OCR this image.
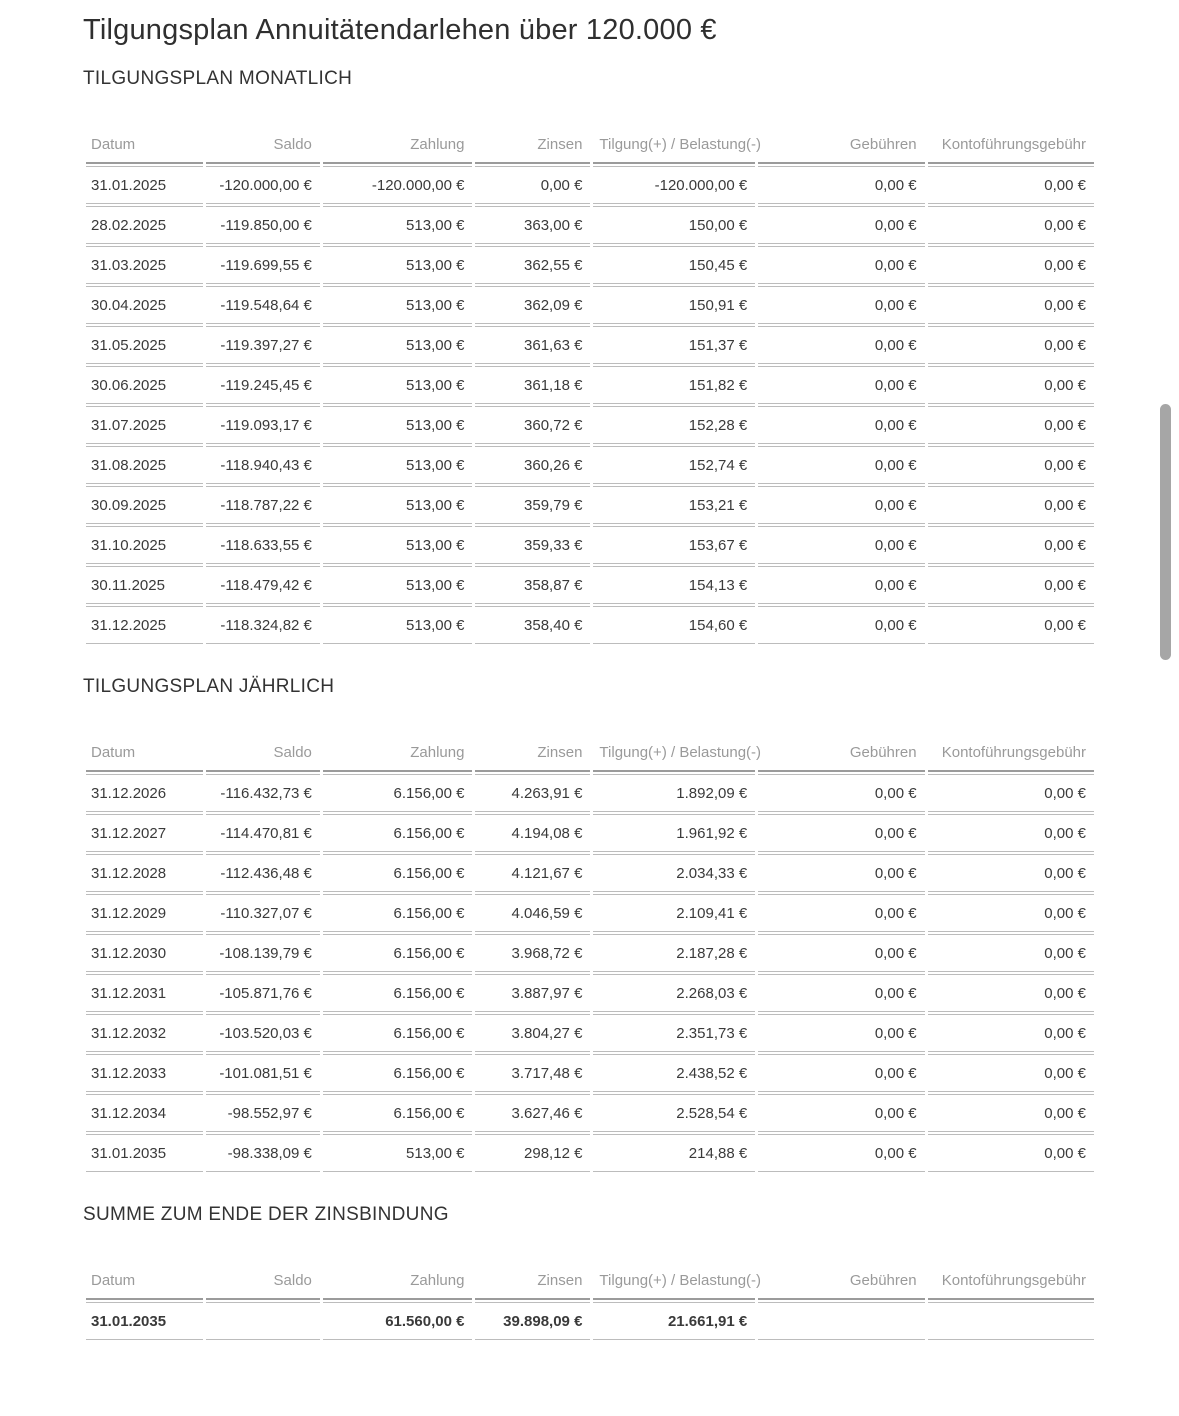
Tilgungsplan Annuitätendarlehen über 120.000 €
TILGUNGSPLAN MONATLICH
Datum	Saldo	Zahlung	Zinsen	Tilgung(+) / Belastung(-)	Gebühren	Kontoführungsgebühr
31.01.2025	-120.000,00 €	-120.000,00 €	0,00 €	-120.000,00 €	0,00 €	0,00 €
28.02.2025	-119.850,00 €	513,00 €	363,00 €	150,00 €	0,00 €	0,00 €
31.03.2025	-119.699,55 €	513,00 €	362,55 €	150,45 €	0,00 €	0,00 €
30.04.2025	-119.548,64 €	513,00 €	362,09 €	150,91 €	0,00 €	0,00 €
31.05.2025	-119.397,27 €	513,00 €	361,63 €	151,37 €	0,00 €	0,00 €
30.06.2025	-119.245,45 €	513,00 €	361,18 €	151,82 €	0,00 €	0,00 €
31.07.2025	-119.093,17 €	513,00 €	360,72 €	152,28 €	0,00 €	0,00 €
31.08.2025	-118.940,43 €	513,00 €	360,26 €	152,74 €	0,00 €	0,00 €
30.09.2025	-118.787,22 €	513,00 €	359,79 €	153,21 €	0,00 €	0,00 €
31.10.2025	-118.633,55 €	513,00 €	359,33 €	153,67 €	0,00 €	0,00 €
30.11.2025	-118.479,42 €	513,00 €	358,87 €	154,13 €	0,00 €	0,00 €
31.12.2025	-118.324,82 €	513,00 €	358,40 €	154,60 €	0,00 €	0,00 €
TILGUNGSPLAN JÄHRLICH
Datum	Saldo	Zahlung	Zinsen	Tilgung(+) / Belastung(-)	Gebühren	Kontoführungsgebühr
31.12.2026	-116.432,73 €	6.156,00 €	4.263,91 €	1.892,09 €	0,00 €	0,00 €
31.12.2027	-114.470,81 €	6.156,00 €	4.194,08 €	1.961,92 €	0,00 €	0,00 €
31.12.2028	-112.436,48 €	6.156,00 €	4.121,67 €	2.034,33 €	0,00 €	0,00 €
31.12.2029	-110.327,07 €	6.156,00 €	4.046,59 €	2.109,41 €	0,00 €	0,00 €
31.12.2030	-108.139,79 €	6.156,00 €	3.968,72 €	2.187,28 €	0,00 €	0,00 €
31.12.2031	-105.871,76 €	6.156,00 €	3.887,97 €	2.268,03 €	0,00 €	0,00 €
31.12.2032	-103.520,03 €	6.156,00 €	3.804,27 €	2.351,73 €	0,00 €	0,00 €
31.12.2033	-101.081,51 €	6.156,00 €	3.717,48 €	2.438,52 €	0,00 €	0,00 €
31.12.2034	-98.552,97 €	6.156,00 €	3.627,46 €	2.528,54 €	0,00 €	0,00 €
31.01.2035	-98.338,09 €	513,00 €	298,12 €	214,88 €	0,00 €	0,00 €
SUMME ZUM ENDE DER ZINSBINDUNG
Datum	Saldo	Zahlung	Zinsen	Tilgung(+) / Belastung(-)	Gebühren	Kontoführungsgebühr
31.01.2035		61.560,00 €	39.898,09 €	21.661,91 €		
